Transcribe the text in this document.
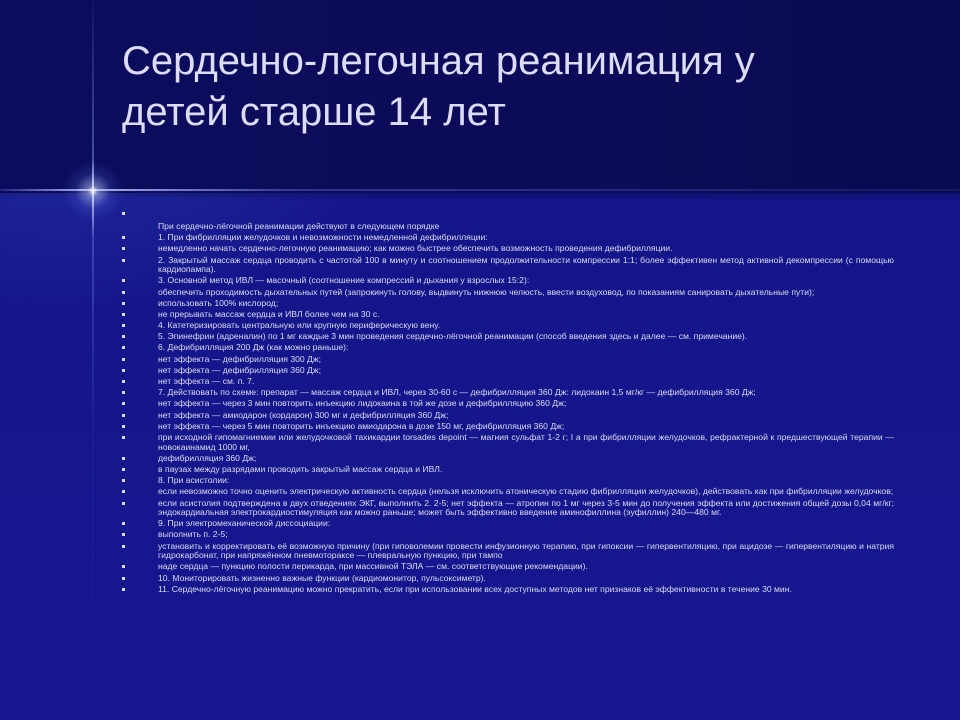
Сердечно-легочная реанимация у
детей старше 14 лет
При сердечно-лёгочной реанимации действуют в следующем порядке
1. При фибрилляции желудочков и невозможности немедленной дефибрилляции:
немедленно начать сердечно-легочную реанимацию; как можно быстрее обеспечить возможность проведения дефибрилляции.
2. Закрытый массаж сердца проводить с частотой 100 в минуту и соотношением продолжительности компрессии 1:1; более эффективен метод активной декомпрессии (с помощью кардиопампа).
3. Основной метод ИВЛ — масочный (соотношение компрессий и дыхания у взрослых 15:2):
обеспечить проходимость дыхательных путей (запрокинуть голову, выдвинуть нижнюю челюсть, ввести воздуховод, по показаниям санировать дыхательные пути);
использовать 100% кислород;
не прерывать массаж сердца и ИВЛ более чем на 30 с.
4. Катетеризировать центральную или крупную периферическую вену.
5. Эпинефрин (адреналин) по 1 мг каждые 3 мин проведения сердечно-лёгочной реанимации (способ введения здесь и далее — см. примечание).
6. Дефибрилляция 200 Дж (как можно раньше):
нет эффекта — дефибрилляция 300 Дж;
нет эффекта — дефибрилляция 360 Дж;
нет эффекта — см. п. 7.
7. Действовать по схеме: препарат — массаж сердца и ИВЛ, через 30-60 с — дефибрилляция 360 Дж: лидокаин 1,5 мг/кг — дефибрилляция 360 Дж;
нет эффекта — через 3 мин повторить инъекцию лидокаина в той же дозе и дефибрилляцию 360 Дж;
нет эффекта — амиодарон (кордарон) 300 мг и дефибрилляция 360 Дж;
нет эффекта — через 5 мин повторить инъекцию амиодарона в дозе 150 мг, дефибрилляция 360 Дж;
при исходной гипомагниемии или желудочковой тахикардии torsades depoint — магния сульфат 1-2 г; I а при фибрилляции желудочков, рефрактерной к предшествующей терапии — новокаинамид 1000 мг,
дефибрилляция 360 Дж;
в паузах между разрядами проводить закрытый массаж сердца и ИВЛ.
8. При асистолии:
если невозможно точно оценить электрическую активность сердца (нельзя исключить атоническую стадию фибрилляции желудочков), действовать как при фибрилляции желудочков;
если асистолия подтверждена в двух отведениях ЭКГ, выполнить 2. 2-5; нет эффекта — атропин по 1 мг через 3-5 мин до получения эффекта или достижения общей дозы 0,04 мг/кг; эндокардиальная электрокардиостимуляция как можно раньше; может быть эффективно введение аминофиллина (эуфиллин) 240—480 мг.
9. При электромеханической диссоциации:
выполнить п. 2-5;
установить и корректировать её возможную причину (при гиповолемии провести инфузионную терапию, при гипоксии — гипервентиляцию, при ацидозе — гипервентиляцию и натрия гидрокарбонат, при напряжённом пневмотораксе — плевральную пункцию, при тампо
наде сердца — пункцию полости перикарда, при массивной ТЭЛА — см. соответствующие рекомендации).
10. Мониторировать жизненно важные функции (кардиомонитор, пульсоксиметр).
11. Сердечно-лёгочную реанимацию можно прекратить, если при использовании всех доступных методов нет признаков её эффективности в течение 30 мин.
